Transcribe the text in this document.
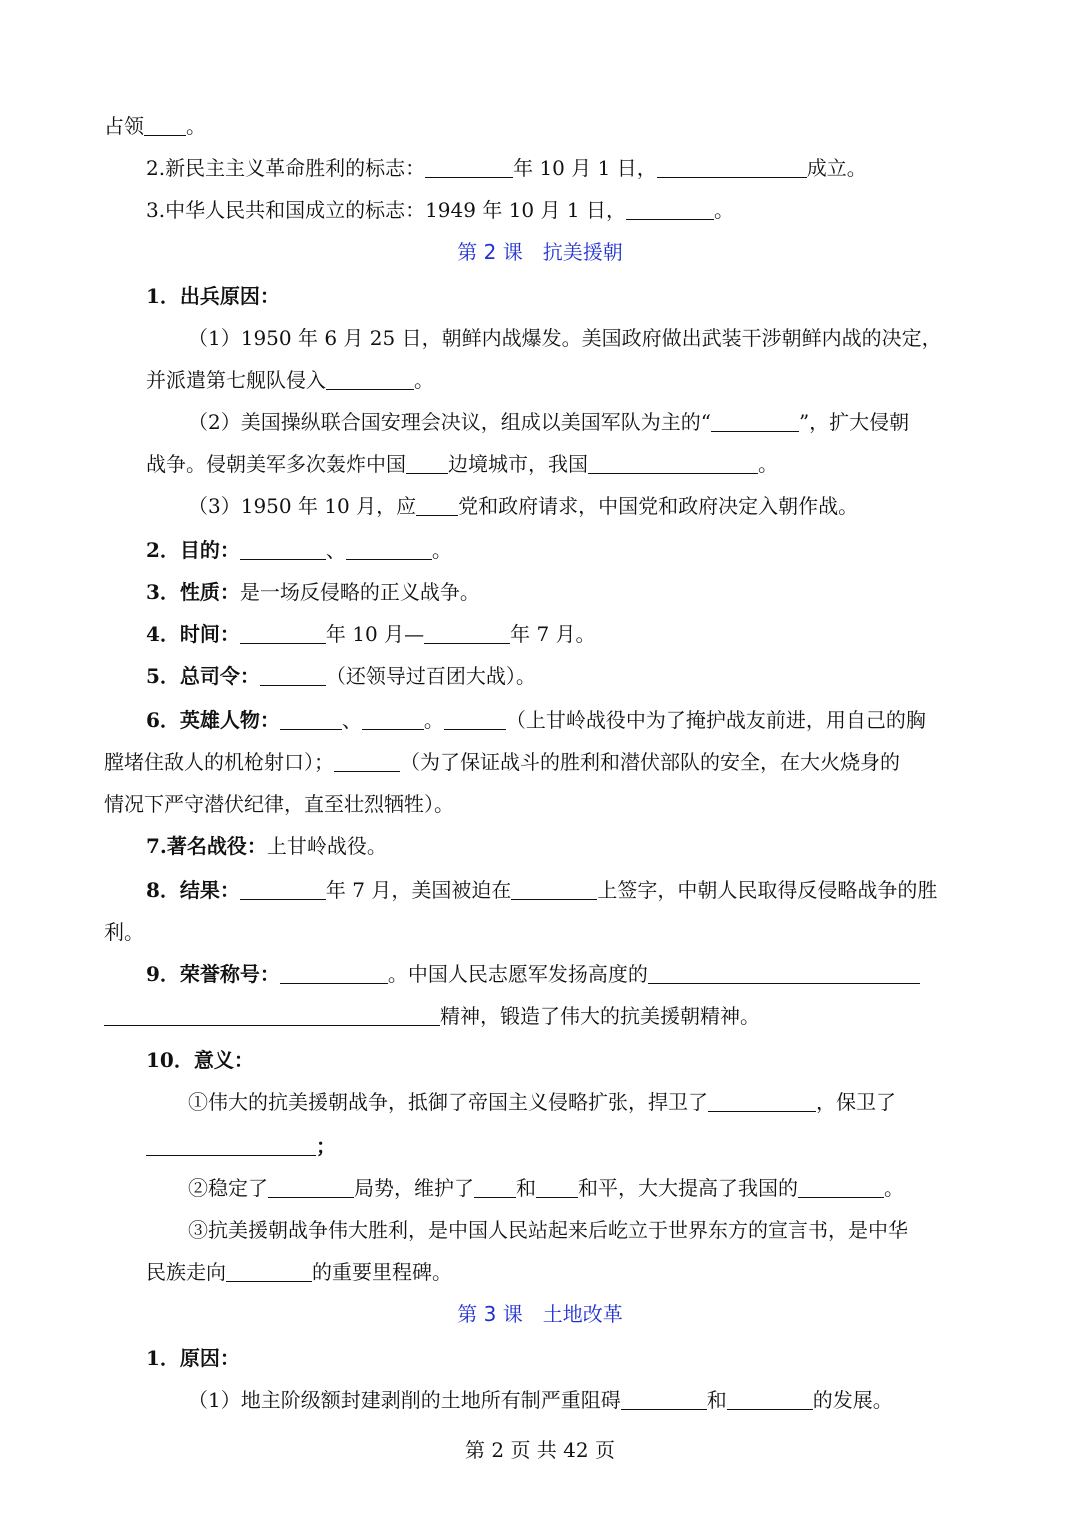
占领 。
2.新民主主义革命胜利的标志：	年 10 月 1 日，	成立。
3.中华人民共和国成立的标志：1949 年 10 月 1 日，	。
第 2 课　抗美援朝
1．出兵原因：
（1）1950 年 6 月 25 日，朝鲜内战爆发。美国政府做出武装干涉朝鲜内战的决定，
并派遣第七舰队侵入	。
（2）美国操纵联合国安理会决议，组成以美国军队为主的“	”，扩大侵朝
战争。侵朝美军多次轰炸中国 边境城市，我国	。
（3）1950 年 10 月，应 党和政府请求，中国党和政府决定入朝作战。
2．目的：	、	。
3．性质：是一场反侵略的正义战争。
4．时间：	年 10 月—	年 7 月。
5．总司令：	（还领导过百团大战）。
6．英雄人物：	、	。	（上甘岭战役中为了掩护战友前进，用自己的胸
膛堵住敌人的机枪射口）；	（为了保证战斗的胜利和潜伏部队的安全，在大火烧身的
情况下严守潜伏纪律，直至壮烈牺牲）。
7.著名战役：上甘岭战役。
8．结果：	年 7 月，美国被迫在	上签字，中朝人民取得反侵略战争的胜
利。
9．荣誉称号：	。中国人民志愿军发扬高度的
精神，锻造了伟大的抗美援朝精神。
10．意义：
①伟大的抗美援朝战争，抵御了帝国主义侵略扩张，捍卫了	，保卫了
；
②稳定了	局势，维护了 和 和平，大大提高了我国的	。
③抗美援朝战争伟大胜利，是中国人民站起来后屹立于世界东方的宣言书，是中华
民族走向	的重要里程碑。
第 3 课　土地改革
1．原因：
（1）地主阶级额封建剥削的土地所有制严重阻碍	和	的发展。
第 2 页 共 42 页
